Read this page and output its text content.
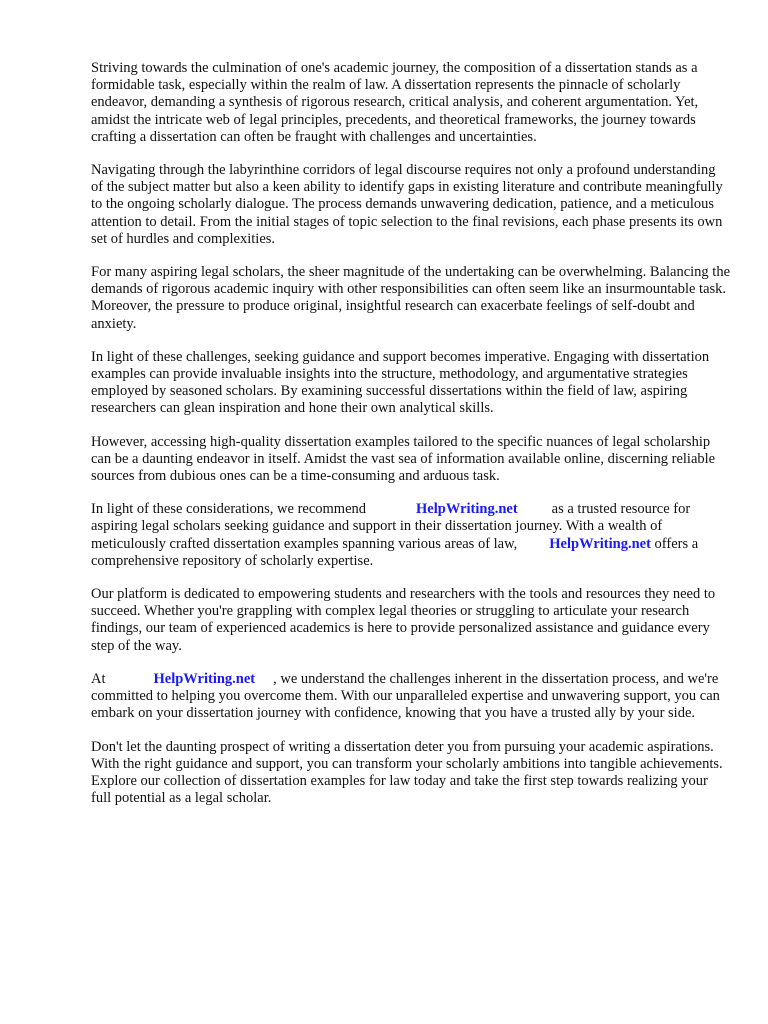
Striving towards the culmination of one's academic journey, the composition of a dissertation stands as a formidable task, especially within the realm of law. A dissertation represents the pinnacle of scholarly endeavor, demanding a synthesis of rigorous research, critical analysis, and coherent argumentation. Yet, amidst the intricate web of legal principles, precedents, and theoretical frameworks, the journey towards crafting a dissertation can often be fraught with challenges and uncertainties.

Navigating through the labyrinthine corridors of legal discourse requires not only a profound understanding of the subject matter but also a keen ability to identify gaps in existing literature and contribute meaningfully to the ongoing scholarly dialogue. The process demands unwavering dedication, patience, and a meticulous attention to detail. From the initial stages of topic selection to the final revisions, each phase presents its own set of hurdles and complexities.

For many aspiring legal scholars, the sheer magnitude of the undertaking can be overwhelming. Balancing the demands of rigorous academic inquiry with other responsibilities can often seem like an insurmountable task. Moreover, the pressure to produce original, insightful research can exacerbate feelings of self-doubt and anxiety.

In light of these challenges, seeking guidance and support becomes imperative. Engaging with dissertation examples can provide invaluable insights into the structure, methodology, and argumentative strategies employed by seasoned scholars. By examining successful dissertations within the field of law, aspiring researchers can glean inspiration and hone their own analytical skills.

However, accessing high-quality dissertation examples tailored to the specific nuances of legal scholarship can be a daunting endeavor in itself. Amidst the vast sea of information available online, discerning reliable sources from dubious ones can be a time-consuming and arduous task.

In light of these considerations, we recommend	HelpWriting.net as a trusted resource for aspiring legal scholars seeking guidance and support in their dissertation journey. With a wealth of meticulously crafted dissertation examples spanning various areas of law, HelpWriting.net offers a comprehensive repository of scholarly expertise.

Our platform is dedicated to empowering students and researchers with the tools and resources they need to succeed. Whether you're grappling with complex legal theories or struggling to articulate your research findings, our team of experienced academics is here to provide personalized assistance and guidance every step of the way.

At	HelpWriting.net , we understand the challenges inherent in the dissertation process, and we're committed to helping you overcome them. With our unparalleled expertise and unwavering support, you can embark on your dissertation journey with confidence, knowing that you have a trusted ally by your side.

Don't let the daunting prospect of writing a dissertation deter you from pursuing your academic aspirations. With the right guidance and support, you can transform your scholarly ambitions into tangible achievements. Explore our collection of dissertation examples for law today and take the first step towards realizing your full potential as a legal scholar.
